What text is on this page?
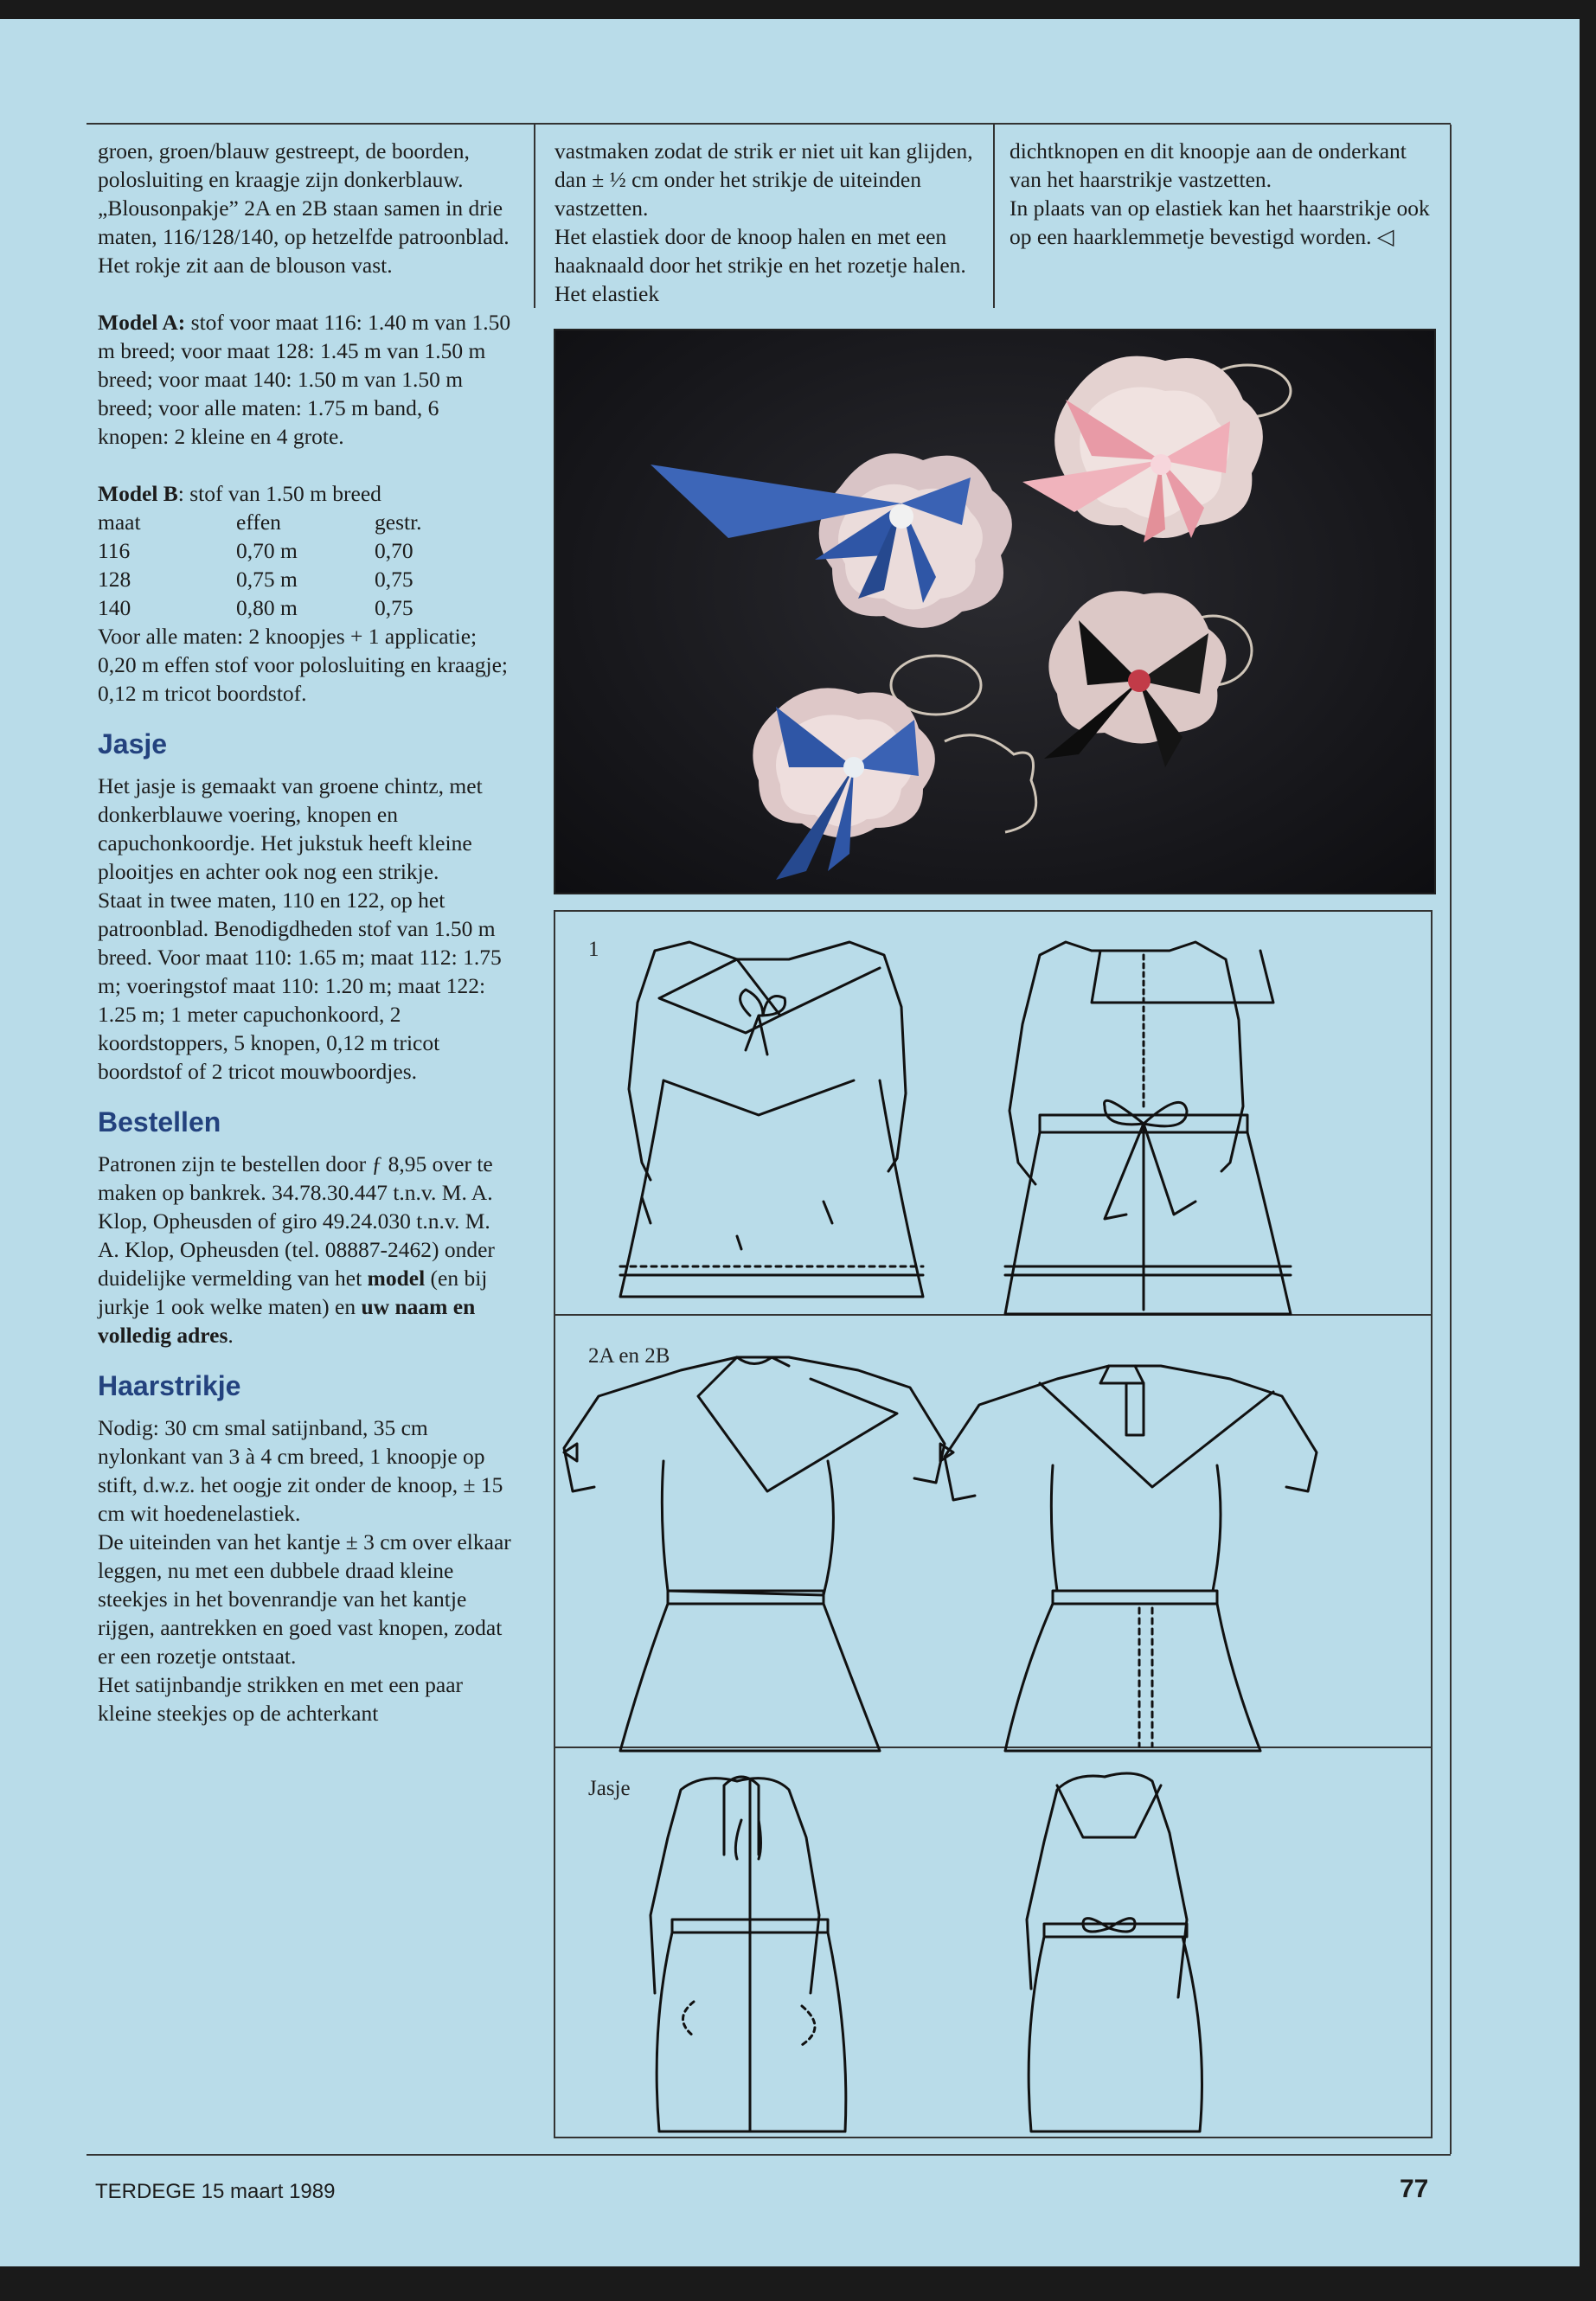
groen, groen/blauw gestreept, de boorden, polosluiting en kraagje zijn donkerblauw.

„Blousonpakje” 2A en 2B staan samen in drie maten, 116/128/140, op hetzelfde patroonblad. Het rokje zit aan de blouson vast.

Model A: stof voor maat 116: 1.40 m van 1.50 m breed; voor maat 128: 1.45 m van 1.50 m breed; voor maat 140: 1.50 m van 1.50 m breed; voor alle maten: 1.75 m band, 6 knopen: 2 kleine en 4 grote.

Model B: stof van 1.50 m breed

maat	effen	gestr.
116	0,70 m	0,70
128	0,75 m	0,75
140	0,80 m	0,75

Voor alle maten: 2 knoopjes + 1 applicatie; 0,20 m effen stof voor polosluiting en kraagje; 0,12 m tricot boordstof.

Jasje

Het jasje is gemaakt van groene chintz, met donkerblauwe voering, knopen en capuchonkoordje. Het jukstuk heeft kleine plooitjes en achter ook nog een strikje.

Staat in twee maten, 110 en 122, op het patroonblad. Benodigdheden stof van 1.50 m breed. Voor maat 110: 1.65 m; maat 112: 1.75 m; voeringstof maat 110: 1.20 m; maat 122: 1.25 m; 1 meter capuchonkoord, 2 koordstoppers, 5 knopen, 0,12 m tricot boordstof of 2 tricot mouwboordjes.

Bestellen

Patronen zijn te bestellen door ƒ 8,95 over te maken op bankrek. 34.78.30.447 t.n.v. M. A. Klop, Opheusden of giro 49.24.030 t.n.v. M. A. Klop, Opheusden (tel. 08887-2462) onder duidelijke vermelding van het model (en bij jurkje 1 ook welke maten) en uw naam en volledig adres.

Haarstrikje

Nodig: 30 cm smal satijnband, 35 cm nylonkant van 3 à 4 cm breed, 1 knoopje op stift, d.w.z. het oogje zit onder de knoop, ± 15 cm wit hoedenelastiek.

De uiteinden van het kantje ± 3 cm over elkaar leggen, nu met een dubbele draad kleine steekjes in het bovenrandje van het kantje rijgen, aantrekken en goed vast knopen, zodat er een rozetje ontstaat.

Het satijnbandje strikken en met een paar kleine steekjes op de achterkant

vastmaken zodat de strik er niet uit kan glijden, dan ± ½ cm onder het strikje de uiteinden vastzetten.

Het elastiek door de knoop halen en met een haaknaald door het strikje en het rozetje halen. Het elastiek

dichtknopen en dit knoopje aan de onderkant van het haarstrikje vastzetten.

In plaats van op elastiek kan het haarstrikje ook op een haarklemmetje bevestigd worden. ◁

1
2A en 2B
Jasje
TERDEGE 15 maart 1989	77
